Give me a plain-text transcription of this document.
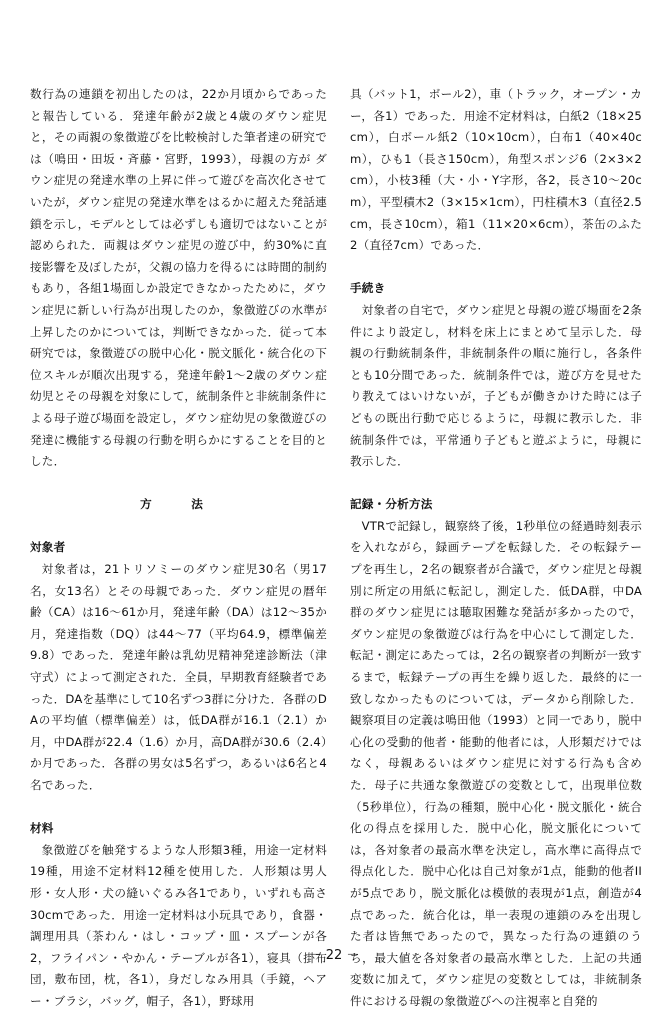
数行為の連鎖を初出したのは，22か月頃からであったと報告している．発達年齢が2歳と4歳のダウン症児と，その両親の象徴遊びを比較検討した筆者達の研究では（鳴田・田坂・斉藤・宮野，1993），母親の方が ダウン症児の発達水準の上昇に伴って遊びを高次化させていたが，ダウン症児の発達水準をはるかに超えた発話連鎖を示し，モデルとしては必ずしも適切ではないことが認められた．両親はダウン症児の遊び中，約30%に直接影響を及ぼしたが，父親の協力を得るには時間的制約もあり，各組1場面しか設定できなかったために，ダウン症児に新しい行為が出現したのか，象徴遊びの水準が上昇したのかについては，判断できなかった．従って本研究では，象徴遊びの脱中心化・脱文脈化・統合化の下位スキルが順次出現する，発達年齢1～2歳のダウン症幼児とその母親を対象にして，統制条件と非統制条件による母子遊び場面を設定し，ダウン症幼児の象徴遊びの発達に機能する母親の行動を明らかにすることを目的とした．

方　法

対象者

対象者は，21トリソミーのダウン症児30名（男17名，女13名）とその母親であった．ダウン症児の暦年齢（CA）は16～61か月，発達年齢（DA）は12～35か月，発達指数（DQ）は44～77（平均64.9，標準偏差9.8）であった．発達年齢は乳幼児精神発達診断法（津守式）によって測定された．全員，早期教育経験者であった．DAを基準にして10名ずつ3群に分けた．各群のDAの平均値（標準偏差）は，低DA群が16.1（2.1）か月，中DA群が22.4（1.6）か月，高DA群が30.6（2.4）か月であった．各群の男女は5名ずつ，あるいは6名と4名であった．

材料

象徴遊びを触発するような人形類3種，用途一定材料19種，用途不定材料12種を使用した．人形類は男人形・女人形・犬の縫いぐるみ各1であり，いずれも高さ30cmであった．用途一定材料は小玩具であり，食器・調理用具（茶わん・はし・コップ・皿・スプーンが各2，フライパン・やかん・テーブルが各1），寝具（掛布団，敷布団，枕，各1），身だしなみ用具（手鏡，ヘアー・ブラシ，バッグ，帽子，各1），野球用

具（バット1，ボール2），車（トラック，オープン・カー，各1）であった．用途不定材料は，白紙2（18×25cm），白ボール紙2（10×10cm），白布1（40×40cm），ひも1（長さ150cm），角型スポンジ6（2×3×2cm），小枝3種（大・小・Y字形，各2，長さ10～20cm），平型積木2（3×15×1cm），円柱積木3（直径2.5cm，長さ10cm），箱1（11×20×6cm），茶缶のふた2（直径7cm）であった．

手続き

対象者の自宅で，ダウン症児と母親の遊び場面を2条件により設定し，材料を床上にまとめて呈示した．母親の行動統制条件，非統制条件の順に施行し，各条件とも10分間であった．統制条件では，遊び方を見せたり教えてはいけないが，子どもが働きかけた時には子どもの既出行動で応じるように，母親に教示した．非統制条件では，平常通り子どもと遊ぶように，母親に教示した．

記録・分析方法

VTRで記録し，観察終了後，1秒単位の経過時刻表示を入れながら，録画テープを転録した．その転録テープを再生し，2名の観察者が合議で，ダウン症児と母親別に所定の用紙に転記し，測定した．低DA群，中DA群のダウン症児には聴取困難な発話が多かったので，ダウン症児の象徴遊びは行為を中心にして測定した．転記・測定にあたっては，2名の観察者の判断が一致するまで，転録テープの再生を繰り返した．最終的に一致しなかったものについては，データから削除した．観察項目の定義は鳴田他（1993）と同一であり，脱中心化の受動的他者・能動的他者には，人形類だけではなく，母親あるいはダウン症児に対する行為も含めた．母子に共通な象徴遊びの変数として，出現単位数（5秒単位），行為の種類，脱中心化・脱文脈化・統合化の得点を採用した．脱中心化，脱文脈化については，各対象者の最高水準を決定し，高水準に高得点で得点化した．脱中心化は自己対象が1点，能動的他者IIが5点であり，脱文脈化は模倣的表現が1点，創造が4点であった．統合化は，単一表現の連鎖のみを出現した者は皆無であったので，異なった行為の連鎖のうち，最大値を各対象者の最高水準とした．上記の共通変数に加えて，ダウン症児の変数としては，非統制条件における母親の象徴遊びへの注視率と自発的

－ 22 －
